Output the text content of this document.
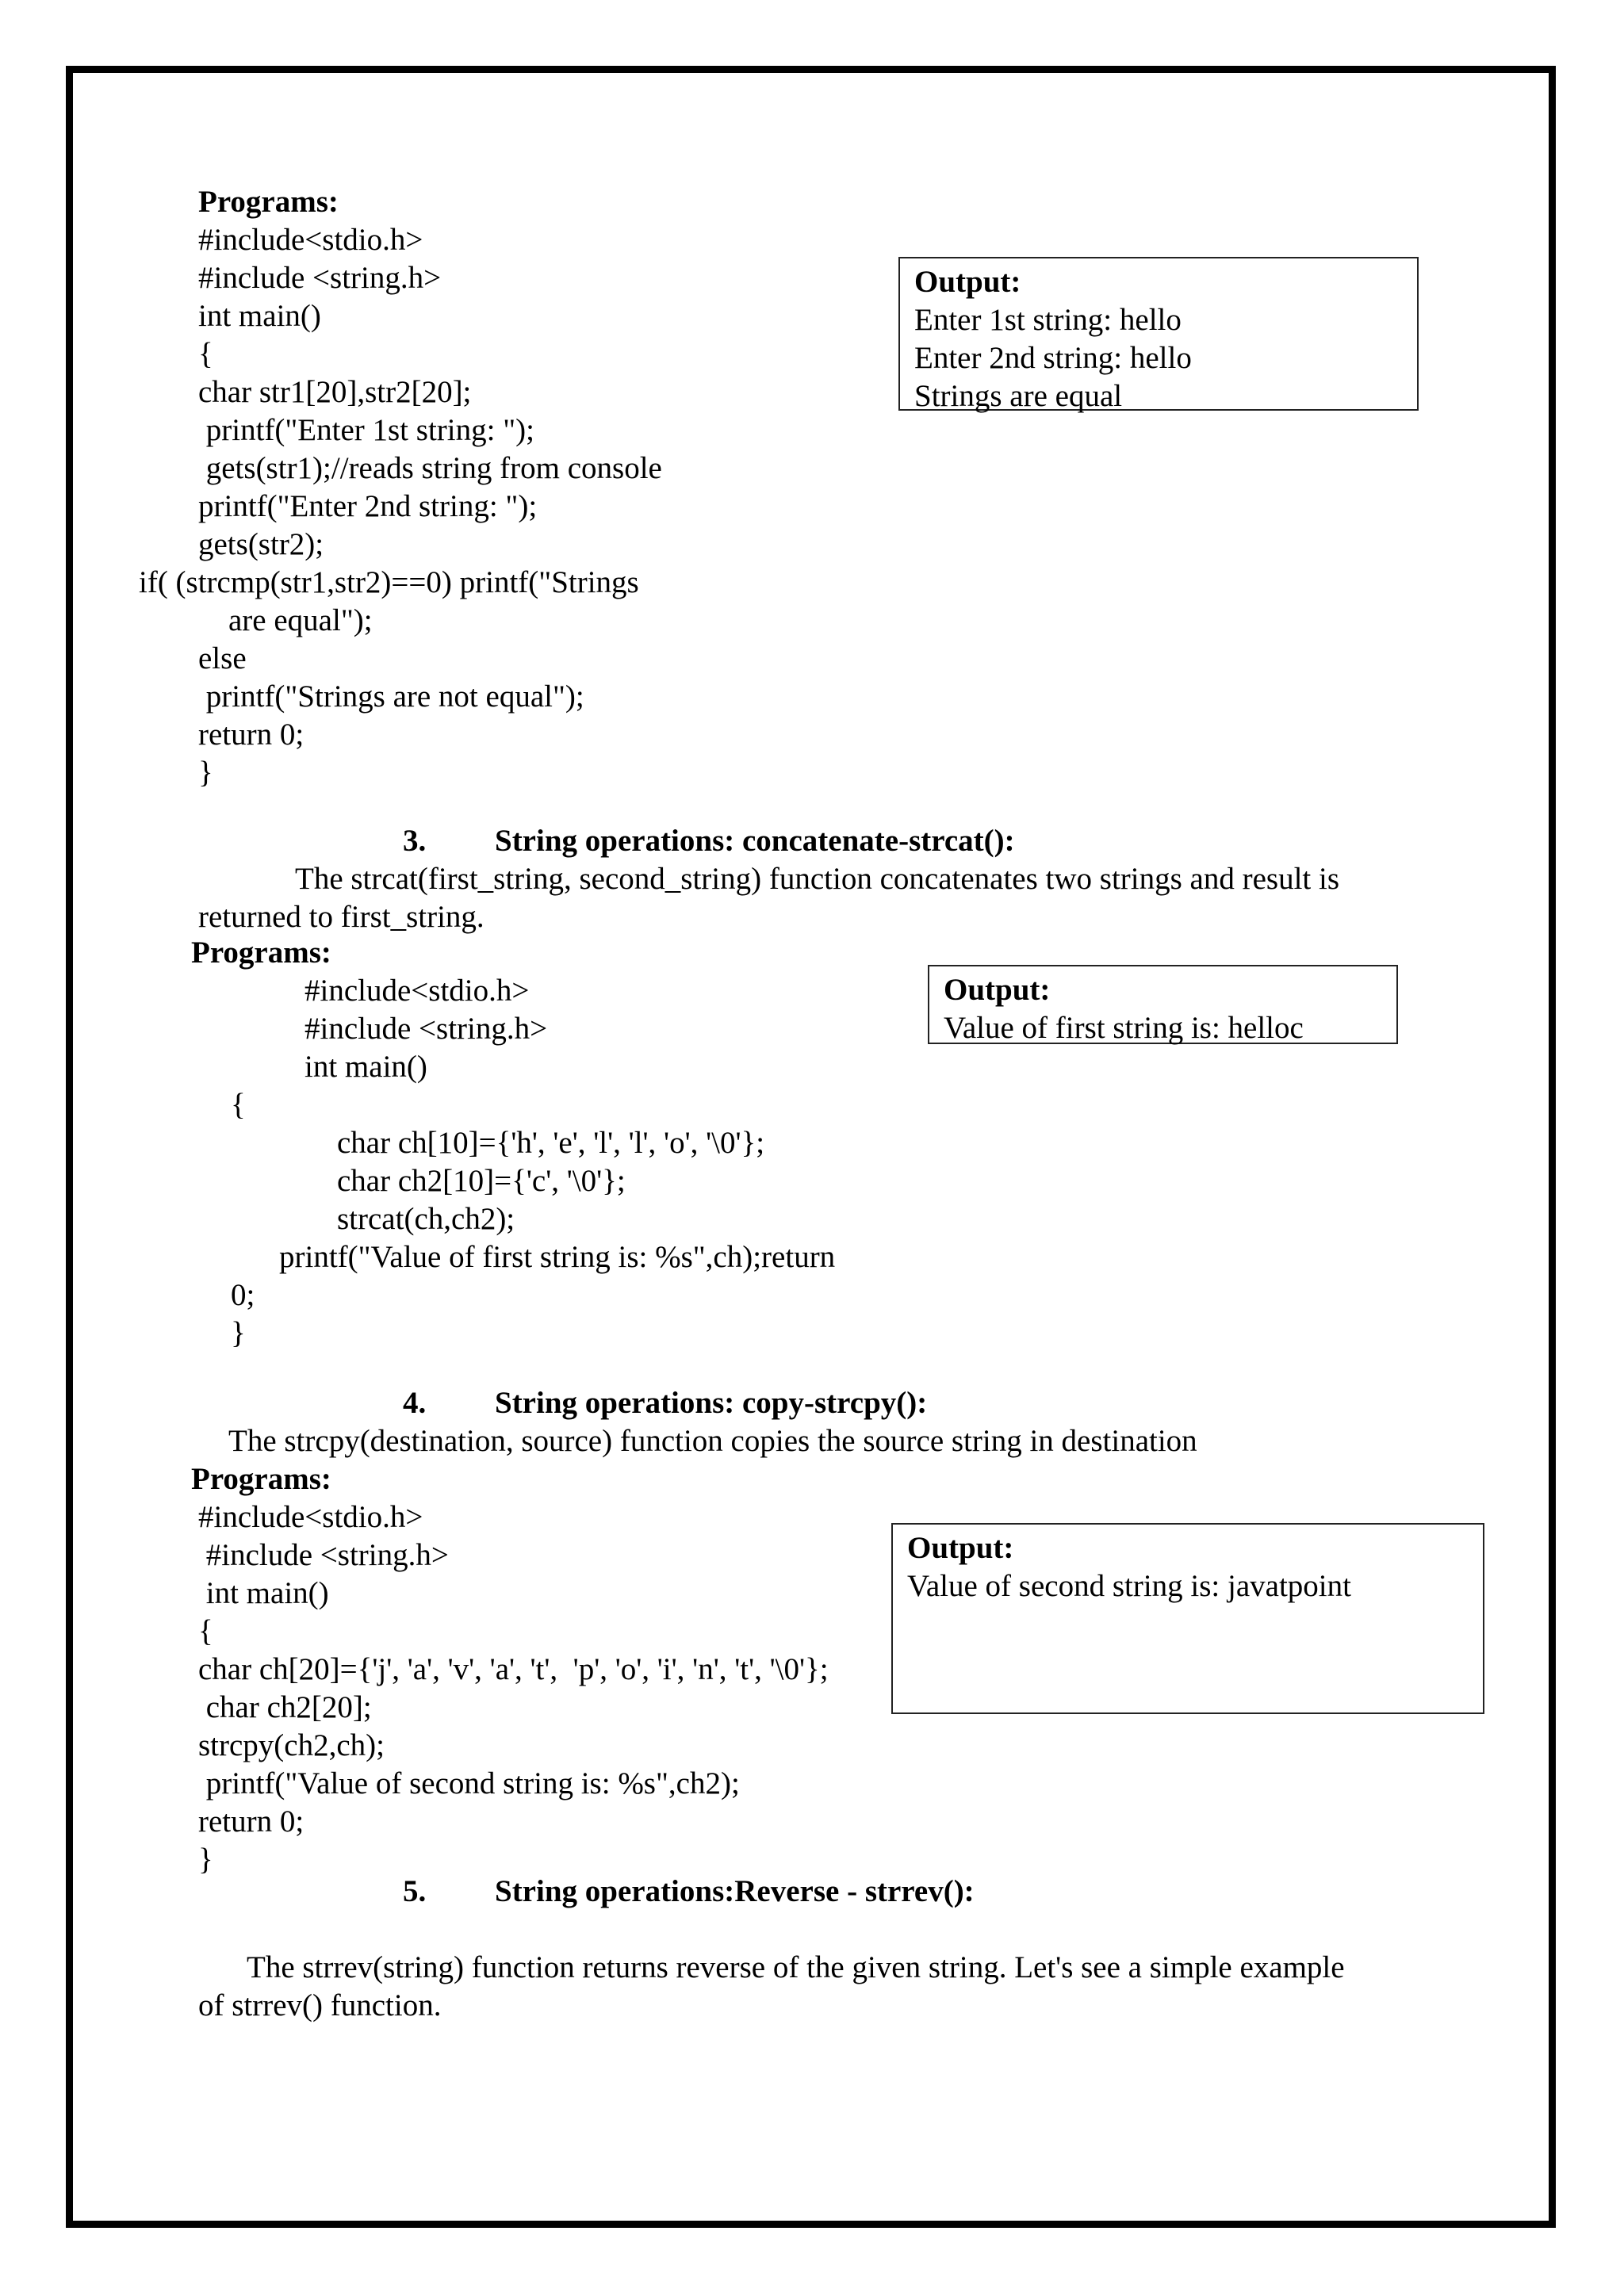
Programs:
#include<stdio.h>
#include <string.h>
int main()
{
char str1[20],str2[20];
printf("Enter 1st string: ");
gets(str1);//reads string from console
printf("Enter 2nd string: ");
gets(str2);
if( (strcmp(str1,str2)==0) printf("Strings
are equal");
else
printf("Strings are not equal");
return 0;
}
Output:
Enter 1st string: hello
Enter 2nd string: hello
Strings are equal
3. String operations: concatenate-strcat():
The strcat(first_string, second_string) function concatenates two strings and result is
returned to first_string.
Programs:
#include<stdio.h>
#include <string.h>
int main()
{
char ch[10]={'h', 'e', 'l', 'l', 'o', '\0'};
char ch2[10]={'c', '\0'};
strcat(ch,ch2);
printf("Value of first string is: %s",ch);return
0;
}
Output:
Value of first string is: helloc
4. String operations: copy-strcpy():
The strcpy(destination, source) function copies the source string in destination
Programs:
#include<stdio.h>
#include <string.h>
int main()
{
char ch[20]={'j', 'a', 'v', 'a', 't',  'p', 'o', 'i', 'n', 't', '\0'};
char ch2[20];
strcpy(ch2,ch);
printf("Value of second string is: %s",ch2);
return 0;
}
Output:
Value of second string is: javatpoint
5. String operations:Reverse - strrev():
The strrev(string) function returns reverse of the given string. Let's see a simple example
of strrev() function.
